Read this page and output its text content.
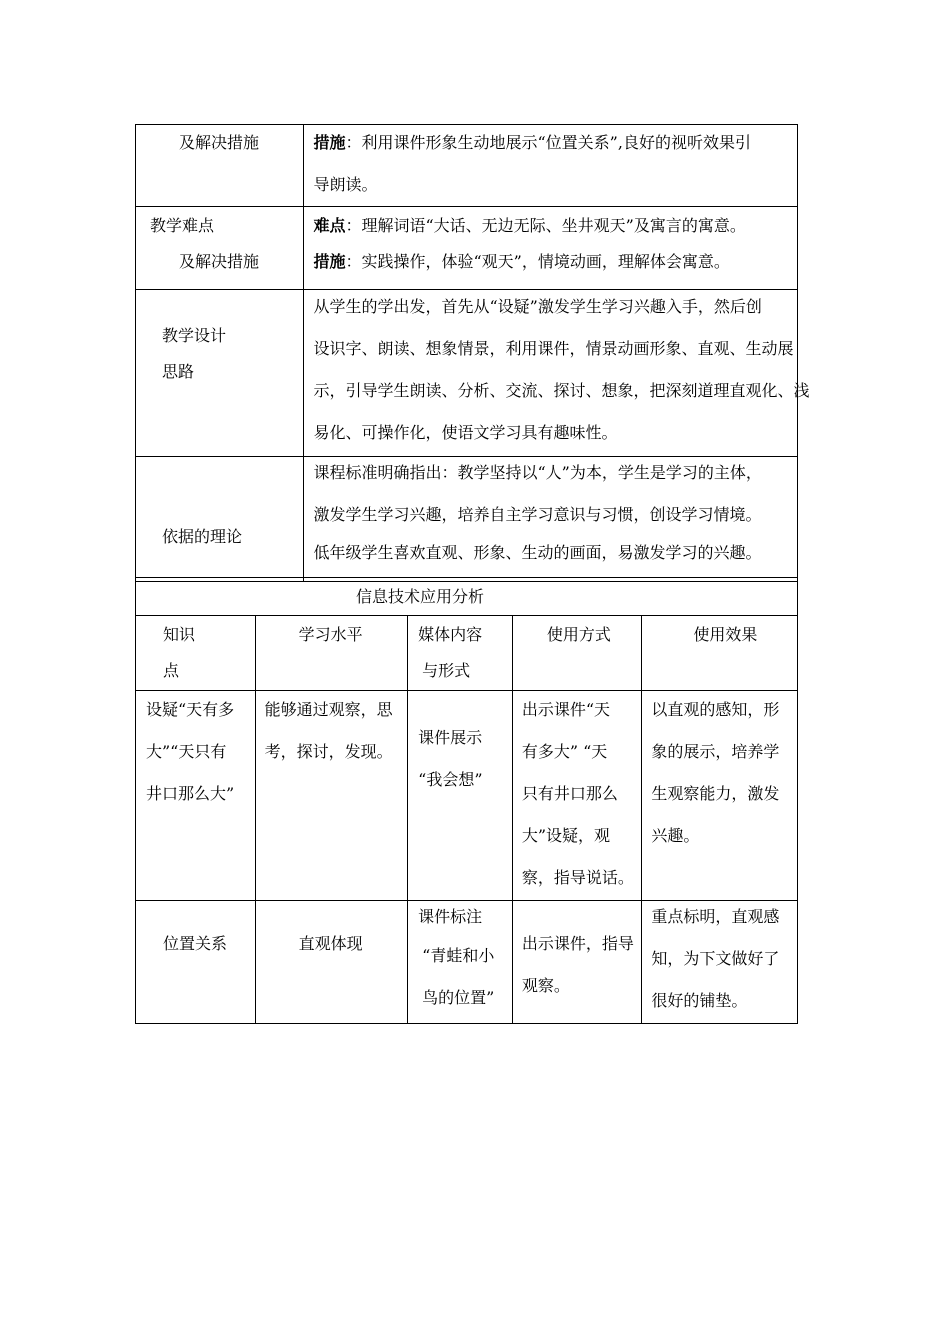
及解决措施	措施：利用课件形象生动地展示“位置关系”,良好的视听效果引
导朗读。

教学难点
及解决措施	难点：理解词语“大话、无边无际、坐井观天”及寓言的寓意。
措施：实践操作，体验“观天”，情境动画，理解体会寓意。

教学设计
思路	从学生的学出发，首先从“设疑”激发学生学习兴趣入手，然后创
设识字、朗读、想象情景，利用课件，情景动画形象、直观、生动展
示，引导学生朗读、分析、交流、探讨、想象，把深刻道理直观化、浅
易化、可操作化，使语文学习具有趣味性。

依据的理论	课程标准明确指出：教学坚持以“人”为本，学生是学习的主体，
激发学生学习兴趣，培养自主学习意识与习惯，创设学习情境。
低年级学生喜欢直观、形象、生动的画面，易激发学习的兴趣。
信息技术应用分析
知识
点	学习水平	媒体内容
与形式	使用方式	使用效果

设疑“天有多
大”“天只有
井口那么大”	能够通过观察，思
考，探讨，发现。	课件展示
“我会想”	出示课件“天
有多大” “天
只有井口那么
大”设疑，观
察，指导说话。	以直观的感知，形
象的展示，培养学
生观察能力，激发
兴趣。

位置关系	直观体现	课件标注
“青蛙和小
鸟的位置”	出示课件，指导
观察。	重点标明，直观感
知，为下文做好了
很好的铺垫。
